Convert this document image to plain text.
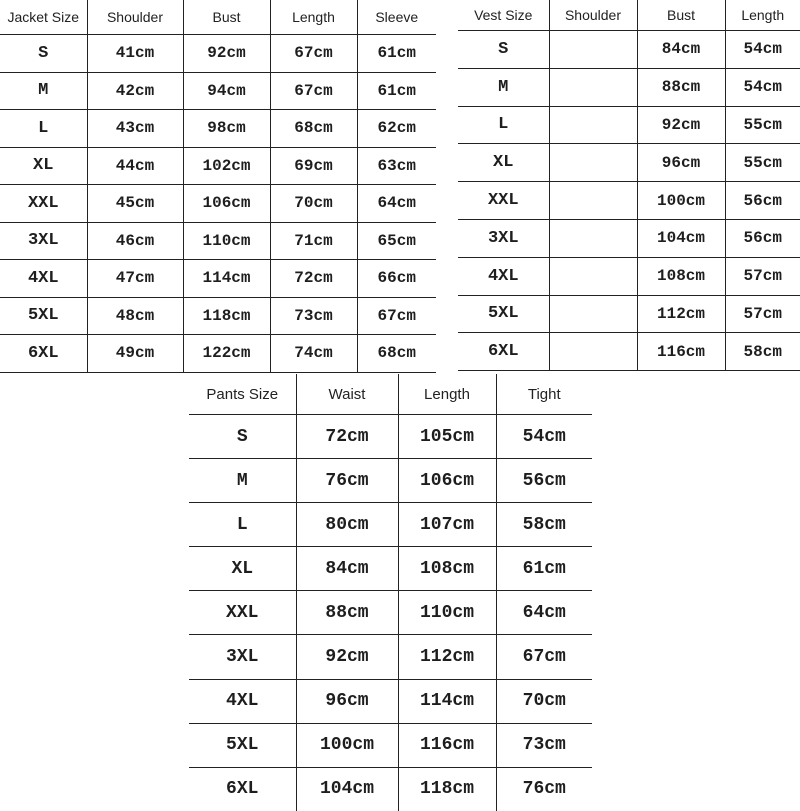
Jacket Size	Shoulder	Bust	Length	Sleeve
S	41cm	92cm	67cm	61cm
M	42cm	94cm	67cm	61cm
L	43cm	98cm	68cm	62cm
XL	44cm	102cm	69cm	63cm
XXL	45cm	106cm	70cm	64cm
3XL	46cm	110cm	71cm	65cm
4XL	47cm	114cm	72cm	66cm
5XL	48cm	118cm	73cm	67cm
6XL	49cm	122cm	74cm	68cm
Vest Size	Shoulder	Bust	Length
S		84cm	54cm
M		88cm	54cm
L		92cm	55cm
XL		96cm	55cm
XXL		100cm	56cm
3XL		104cm	56cm
4XL		108cm	57cm
5XL		112cm	57cm
6XL		116cm	58cm
Pants Size	Waist	Length	Tight
S	72cm	105cm	54cm
M	76cm	106cm	56cm
L	80cm	107cm	58cm
XL	84cm	108cm	61cm
XXL	88cm	110cm	64cm
3XL	92cm	112cm	67cm
4XL	96cm	114cm	70cm
5XL	100cm	116cm	73cm
6XL	104cm	118cm	76cm
